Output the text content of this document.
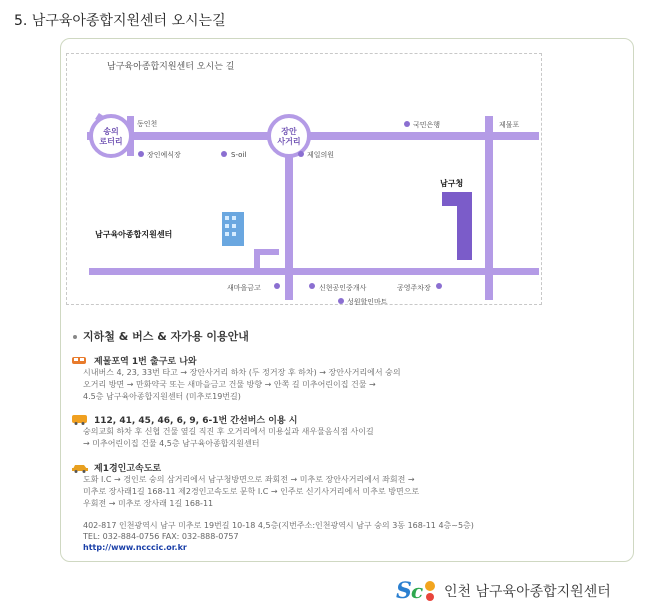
5. 남구육아종합지원센터 오시는길
송의
로터리
장안
사거리
동인천
장인예식장	S-oil	제일의원
국민은행	제물포
남구청
남구육아종합지원센터
새마을금고	신현공인중개사	공영주차장
성원할인마트
남구육아종합지원센터 오시는 길
지하철 & 버스 & 자가용 이용안내
제물포역 1번 출구로 나와
시내버스 4, 23, 33번 타고 → 장안사거리 하차 (두 정거장 후 하차) → 장안사거리에서 숭의
오거리 방면 → 만화약국 또는 새마을금고 건물 방향 → 안쪽 길 미추어린이집 건물 →
4.5층 남구육아종합지원센터 (미추로19번길)
112, 41, 45, 46, 6, 9, 6-1번 간선버스 이용 시
숭의교회 하차 후 신협 건물 옆길 직진 후 오거리에서 미용실과 새우물음식점 사이길
→ 미추어린이집 건물 4,5층 남구육아종합지원센터
제1경인고속도로
도화 I.C → 경인로 숭의 삼거리에서 남구청방면으로 좌회전 → 미추로 장안사거리에서 좌회전 →
미추로 장사래1길 168-11 제2경인고속도로 문학 I.C → 인주로 신기사거리에서 미추로 방면으로
우회전 → 미추로 장사래 1길 168-11
402-817 인천광역시 남구 미추로 19번길 10-18 4,5층(지번주소:인천광역시 남구 숭의 3동 168-11 4층~5층)
TEL: 032-884-0756 FAX: 032-888-0757
http://www.ncccic.or.kr
S c 인천 남구육아종합지원센터
